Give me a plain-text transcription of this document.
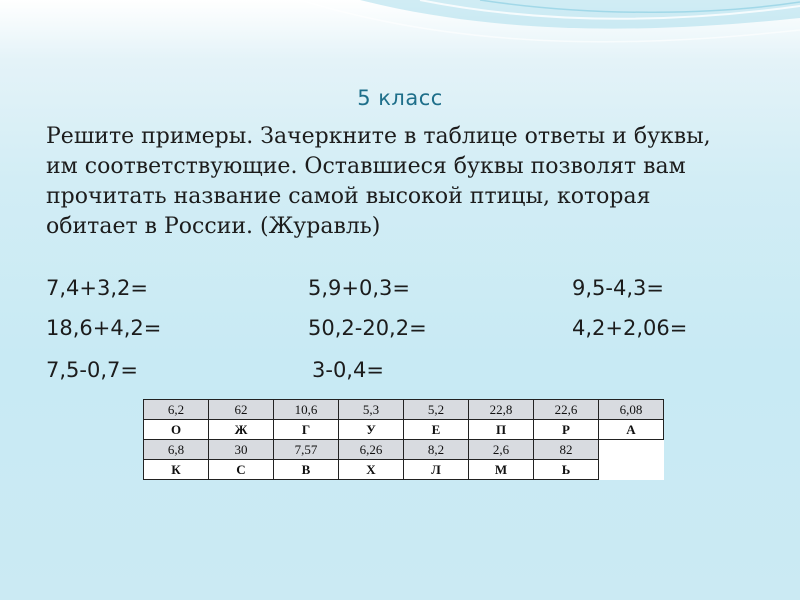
5 класс
Решите примеры. Зачеркните в таблице ответы и буквы, им соответствующие. Оставшиеся буквы позволят вам прочитать название самой высокой птицы, которая обитает в России. (Журавль)
7,4+3,2=	5,9+0,3=	9,5-4,3=
18,6+4,2=	50,2-20,2=	4,2+2,06=
7,5-0,7=	3-0,4=
6,2	62	10,6	5,3	5,2	22,8	22,6	6,08
О	Ж	Г	У	Е	П	Р	А
6,8	30	7,57	6,26	8,2	2,6	82	
К	С	В	Х	Л	М	Ь	
